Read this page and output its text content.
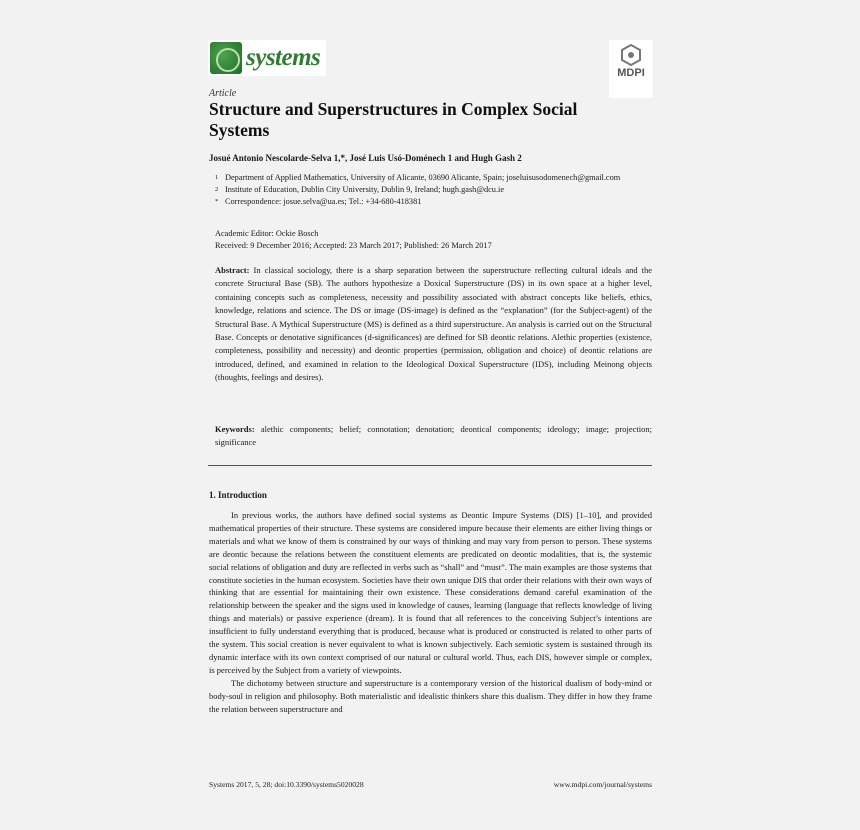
systems
MDPI
Article
Structure and Superstructures in Complex Social Systems
Josué Antonio Nescolarde-Selva 1,*, José Luis Usó-Doménech 1 and Hugh Gash 2
1 Department of Applied Mathematics, University of Alicante, 03690 Alicante, Spain; joseluisusodomenech@gmail.com
2 Institute of Education, Dublin City University, Dublin 9, Ireland; hugh.gash@dcu.ie
* Correspondence: josue.selva@ua.es; Tel.: +34-680-418381
Academic Editor: Ockie Bosch
Received: 9 December 2016; Accepted: 23 March 2017; Published: 26 March 2017
Abstract: In classical sociology, there is a sharp separation between the superstructure reflecting cultural ideals and the concrete Structural Base (SB). The authors hypothesize a Doxical Superstructure (DS) in its own space at a higher level, containing concepts such as completeness, necessity and possibility associated with abstract concepts like beliefs, ethics, knowledge, relations and science. The DS or image (DS-image) is defined as the “explanation” (for the Subject-agent) of the Structural Base. A Mythical Superstructure (MS) is defined as a third superstructure. An analysis is carried out on the Structural Base. Concepts or denotative significances (d-significances) are defined for SB deontic relations. Alethic properties (existence, completeness, possibility and necessity) and deontic properties (permission, obligation and choice) of deontic relations are introduced, defined, and examined in relation to the Ideological Doxical Superstructure (IDS), including Meinong objects (thoughts, feelings and desires).
Keywords: alethic components; belief; connotation; denotation; deontical components; ideology; image; projection; significance
1. Introduction

In previous works, the authors have defined social systems as Deontic Impure Systems (DIS) [1–10], and provided mathematical properties of their structure. These systems are considered impure because their elements are either living things or materials and what we know of them is constrained by our ways of thinking and may vary from person to person. These systems are deontic because the relations between the constituent elements are predicated on deontic modalities, that is, the systemic social relations of obligation and duty are reflected in verbs such as “shall” and “must”. The main examples are those systems that constitute societies in the human ecosystem. Societies have their own unique DIS that order their relations with their own ways of thinking that are essential for maintaining their own existence. These considerations demand careful examination of the relationship between the speaker and the signs used in knowledge of causes, learning (language that reflects knowledge of living things and materials) or passive experience (dream). It is found that all references to the conceiving Subject’s intentions are insufficient to fully understand everything that is produced, because what is produced or constructed is related to other parts of the system. This social creation is never equivalent to what is known subjectively. Each semiotic system is sustained through its dynamic interface with its own context comprised of our natural or cultural world. Thus, each DIS, however simple or complex, is perceived by the Subject from a variety of viewpoints.

The dichotomy between structure and superstructure is a contemporary version of the historical dualism of body-mind or body-soul in religion and philosophy. Both materialistic and idealistic thinkers share this dualism. They differ in how they frame the relation between superstructure and

Systems 2017, 5, 28; doi:10.3390/systems5020028	www.mdpi.com/journal/systems
